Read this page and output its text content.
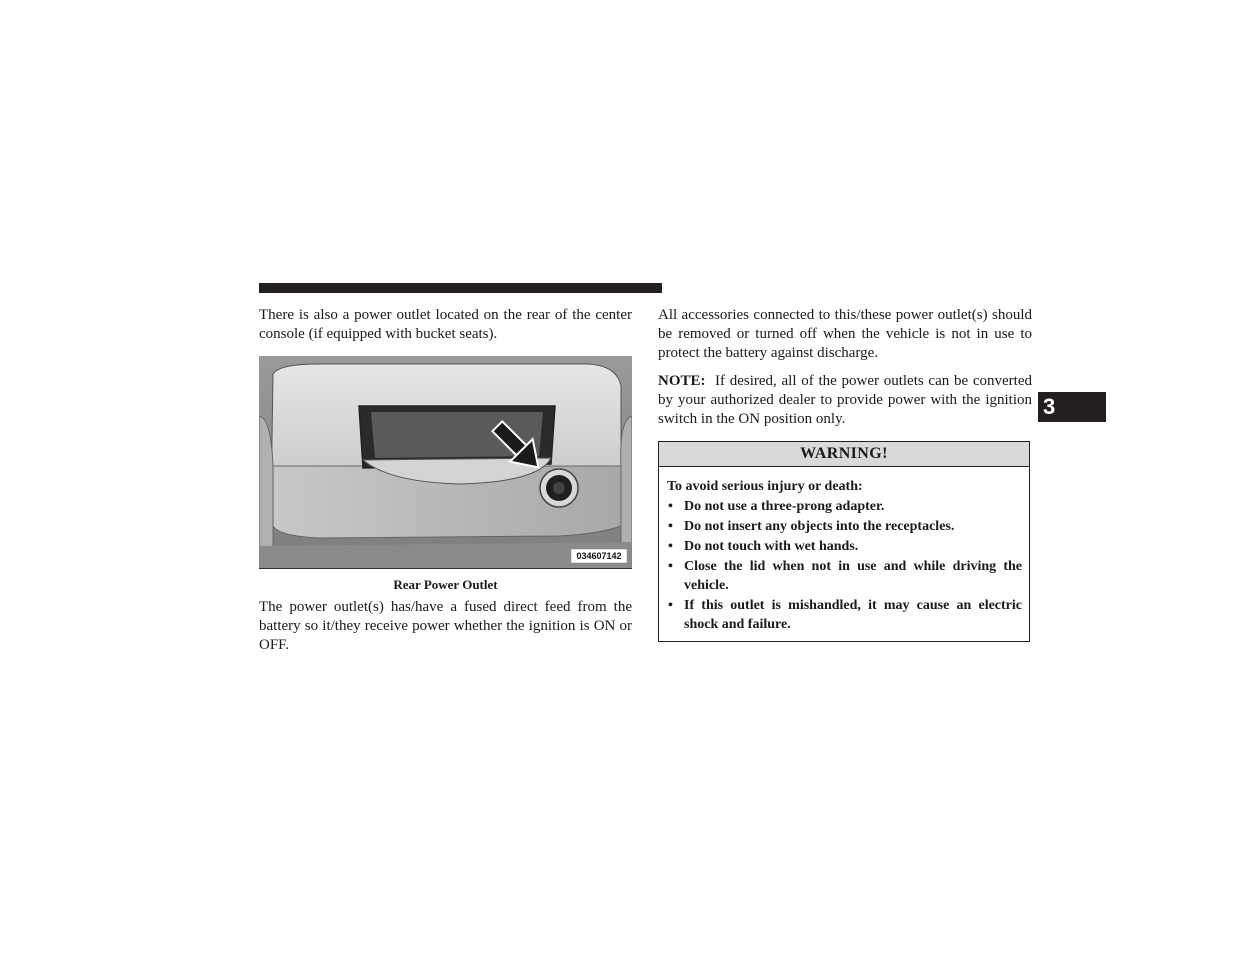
There is also a power outlet located on the rear of the center console (if equipped with bucket seats).

034607142

Rear Power Outlet

The power outlet(s) has/have a fused direct feed from the battery so it/they receive power whether the ignition is ON or OFF.

All accessories connected to this/these power outlet(s) should be removed or turned off when the vehicle is not in use to protect the battery against discharge.

NOTE: If desired, all of the power outlets can be converted by your authorized dealer to provide power with the ignition switch in the ON position only.

WARNING!

To avoid serious injury or death:

• Do not use a three-prong adapter.
• Do not insert any objects into the receptacles.
• Do not touch with wet hands.
• Close the lid when not in use and while driving the vehicle.
• If this outlet is mishandled, it may cause an electric shock and failure.
3
